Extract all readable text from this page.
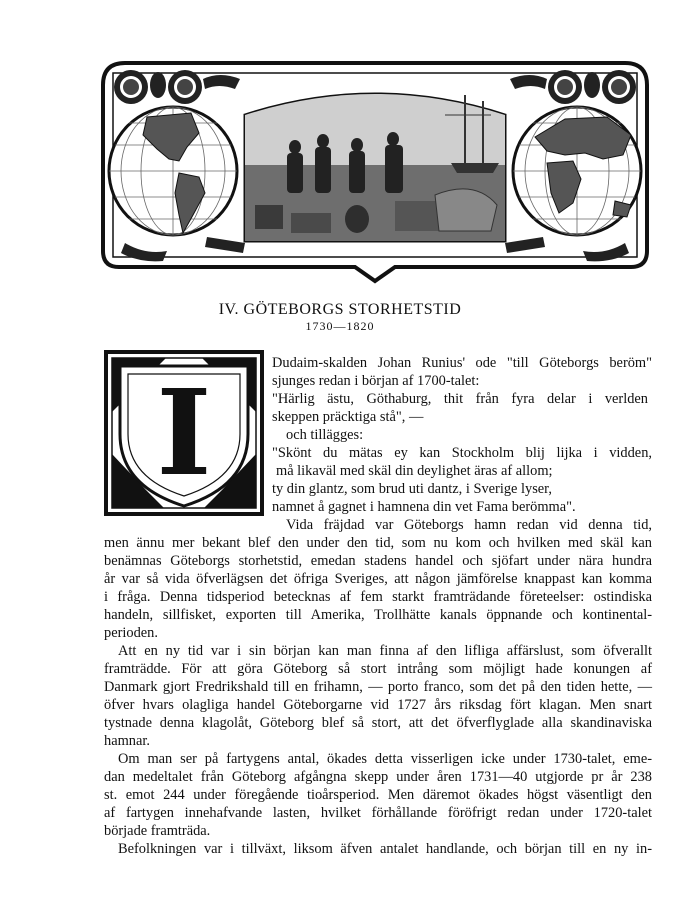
IV. GÖTEBORGS STORHETSTID
1730—1820
I	Dudaim-skalden Johan Runius' ode "till Göteborgs beröm"
sjunges redan i början af 1700-talet:
"Härlig ästu, Göthaburg, thit från fyra delar i verlden
skeppen präcktiga stå", —
och tillägges:
"Skönt du mätas ey kan Stockholm blij lijka i vidden,
må likaväl med skäl din deylighet äras af allom;
ty din glantz, som brud uti dantz, i Sverige lyser,
namnet å gagnet i hamnena din vet Fama berömma".
Vida fräjdad var Göteborgs hamn redan vid denna tid,
men ännu mer bekant blef den under den tid, som nu kom och hvilken med skäl kan
benämnas Göteborgs storhetstid, emedan stadens handel och sjöfart under nära hundra
år var så vida öfverlägsen det öfriga Sveriges, att någon jämförelse knappast kan komma
i fråga. Denna tidsperiod betecknas af fem starkt framträdande företeelser: ostindiska
handeln, sillfisket, exporten till Amerika, Trollhätte kanals öppnande och kontinental-
perioden.
Att en ny tid var i sin början kan man finna af den lifliga affärslust, som öfverallt
framträdde. För att göra Göteborg så stort intrång som möjligt hade konungen af
Danmark gjort Fredrikshald till en frihamn, — porto franco, som det på den tiden hette, —
öfver hvars olagliga handel Göteborgarne vid 1727 års riksdag fört klagan. Men snart
tystnade denna klagolåt, Göteborg blef så stort, att det öfverflyglade alla skandinaviska
hamnar.
Om man ser på fartygens antal, ökades detta visserligen icke under 1730-talet, eme-
dan medeltalet från Göteborg afgångna skepp under åren 1731—40 utgjorde pr år 238
st. emot 244 under föregående tioårsperiod. Men däremot ökades högst väsentligt den
af fartygen innehafvande lasten, hvilket förhållande föröfrigt redan under 1720-talet
började framträda.
Befolkningen var i tillväxt, liksom äfven antalet handlande, och början till en ny in-
